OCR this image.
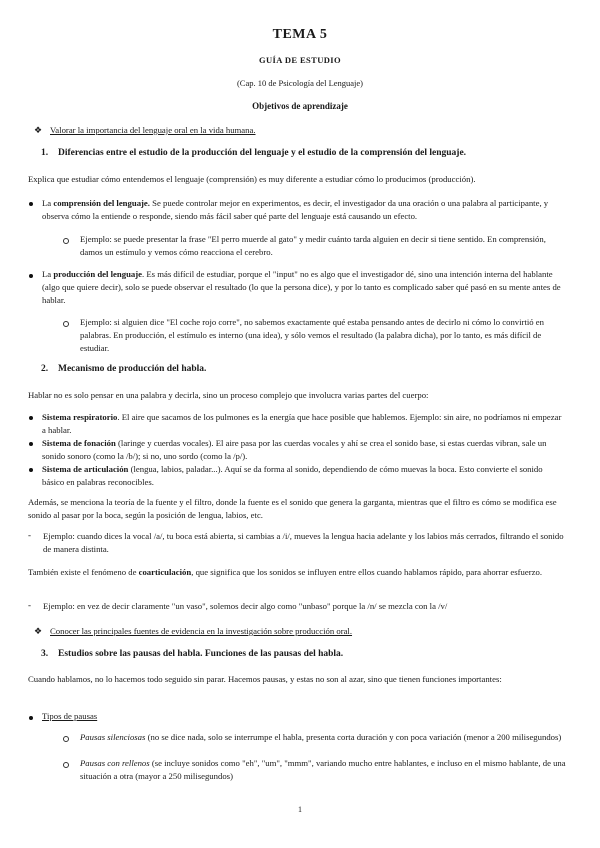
TEMA 5
GUÍA DE ESTUDIO
(Cap. 10 de Psicología del Lenguaje)
Objetivos de aprendizaje
❖ Valorar la importancia del lenguaje oral en la vida humana.
1. Diferencias entre el estudio de la producción del lenguaje y el estudio de la comprensión del lenguaje.
Explica que estudiar cómo entendemos el lenguaje (comprensión) es muy diferente a estudiar cómo lo producimos (producción).
La comprensión del lenguaje. Se puede controlar mejor en experimentos, es decir, el investigador da una oración o una palabra al participante, y observa cómo la entiende o responde, siendo más fácil saber qué parte del lenguaje está causando un efecto.
Ejemplo: se puede presentar la frase "El perro muerde al gato" y medir cuánto tarda alguien en decir si tiene sentido. En comprensión, damos un estímulo y vemos cómo reacciona el cerebro.
La producción del lenguaje. Es más difícil de estudiar, porque el "input" no es algo que el investigador dé, sino una intención interna del hablante (algo que quiere decir), solo se puede observar el resultado (lo que la persona dice), y por lo tanto es complicado saber qué pasó en su mente antes de hablar.
Ejemplo: si alguien dice "El coche rojo corre", no sabemos exactamente qué estaba pensando antes de decirlo ni cómo lo convirtió en palabras. En producción, el estímulo es interno (una idea), y sólo vemos el resultado (la palabra dicha), por lo tanto, es más difícil de estudiar.
2. Mecanismo de producción del habla.
Hablar no es solo pensar en una palabra y decirla, sino un proceso complejo que involucra varias partes del cuerpo:
Sistema respiratorio. El aire que sacamos de los pulmones es la energía que hace posible que hablemos. Ejemplo: sin aire, no podríamos ni empezar a hablar.
Sistema de fonación (laringe y cuerdas vocales). El aire pasa por las cuerdas vocales y ahí se crea el sonido base, si estas cuerdas vibran, sale un sonido sonoro (como la /b/); si no, uno sordo (como la /p/).
Sistema de articulación (lengua, labios, paladar...). Aquí se da forma al sonido, dependiendo de cómo muevas la boca. Esto convierte el sonido básico en palabras reconocibles.
Además, se menciona la teoría de la fuente y el filtro, donde la fuente es el sonido que genera la garganta, mientras que el filtro es cómo se modifica ese sonido al pasar por la boca, según la posición de lengua, labios, etc.
- Ejemplo: cuando dices la vocal /a/, tu boca está abierta, si cambias a /i/, mueves la lengua hacia adelante y los labios más cerrados, filtrando el sonido de manera distinta.
También existe el fenómeno de coarticulación, que significa que los sonidos se influyen entre ellos cuando hablamos rápido, para ahorrar esfuerzo.
- Ejemplo: en vez de decir claramente "un vaso", solemos decir algo como "unbaso" porque la /n/ se mezcla con la /v/
❖ Conocer las principales fuentes de evidencia en la investigación sobre producción oral.
3. Estudios sobre las pausas del habla. Funciones de las pausas del habla.
Cuando hablamos, no lo hacemos todo seguido sin parar. Hacemos pausas, y estas no son al azar, sino que tienen funciones importantes:
Tipos de pausas
Pausas silenciosas (no se dice nada, solo se interrumpe el habla, presenta corta duración y con poca variación (menor a 200 milisegundos)
Pausas con rellenos (se incluye sonidos como "eh", "um", "mmm", variando mucho entre hablantes, e incluso en el mismo hablante, de una situación a otra (mayor a 250 milisegundos)
1
